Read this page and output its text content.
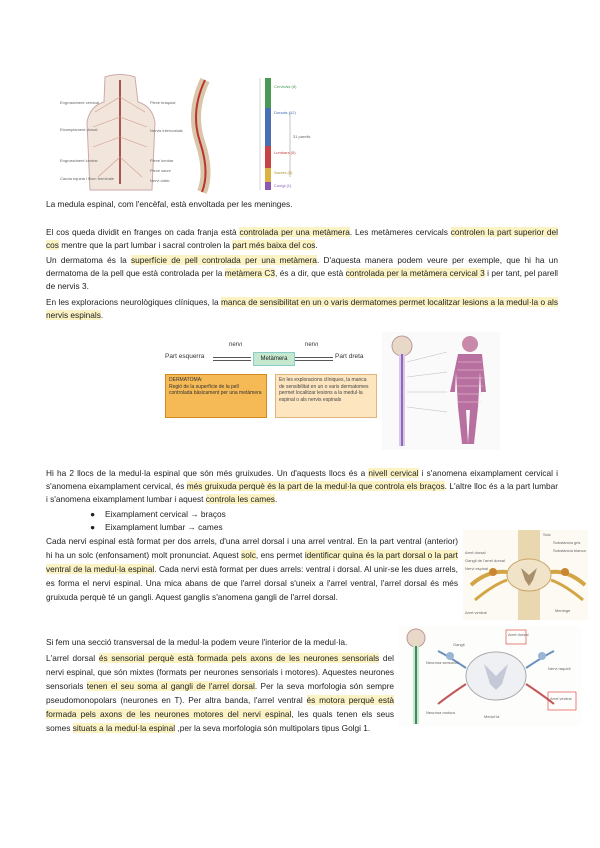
Engrossiment cervical
Eixamplament dorsal
Engrossiment lumbar
Cauda equina i filum terminale
Plexe braquial
Nervis intercostals
Plexe lumbar
Plexe sacre
Nervi ciàtic
Cervicals (8)
Dorsals (12)
Lumbars (5)
Sacres (5)
Coxígi (1)
31 parells
La medula espinal, com l'encèfal, està envoltada per les meninges.
El cos queda dividit en franges on cada franja està controlada per una metàmera. Les metàmeres cervicals controlen la part superior del cos mentre que la part lumbar i sacral controlen la part més baixa del cos.
Un dermatoma és la superfície de pell controlada per una metàmera. D'aquesta manera podem veure per exemple, que hi ha un dermatoma de la pell que està controlada per la metàmera C3, és a dir, que està controlada per la metàmera cervical 3 i per tant, pel parell de nervis 3.
En les exploracions neurològiques clíniques, la manca de sensibilitat en un o varis dermatomes permet localitzar lesions a la medul·la o als nervis espinals.
Part esquerra
nervi
Metàmera
nervi
Part dreta
DERMATOMA:
Regió de la superfície de la pell controlada bàsicament per una metàmera
En les exploracions clíniques, la manca de sensibilitat en un o varis dermatomes permet localitzar lesions a la medul·la espinal o als nervis espinals
Hi ha 2 llocs de la medul·la espinal que són més gruixudes. Un d'aquests llocs és a nivell cervical i s'anomena eixamplament cervical i s'anomena eixamplament cervical, és més gruixuda perquè és la part de la medul·la que controla els braços. L'altre lloc és a la part lumbar i s'anomena eixamplament lumbar i aquest controla les cames.
● Eixamplament cervical → braços
● Eixamplament lumbar → cames
Cada nervi espinal està format per dos arrels, d'una arrel dorsal i una arrel ventral. En la part ventral (anterior) hi ha un solc (enfonsament) molt pronunciat. Aquest solc, ens permet identificar quina és la part dorsal o la part ventral de la medul·la espinal. Cada nervi està format per dues arrels: ventral i dorsal. Al unir-se les dues arrels, es forma el nervi espinal. Una mica abans de que l'arrel dorsal s'uneix a l'arrel ventral, l'arrel dorsal és més gruixuda perquè té un gangli. Aquest ganglis s'anomena gangli de l'arrel dorsal.
Arrel dorsal
Gangli de l'arrel dorsal
Nervi espinal
Arrel ventral
Solc
Substància gris
Substància blanca
Meninge
Si fem una secció transversal de la medul·la podem veure l'interior de la medul·la.
L'arrel dorsal és sensorial perquè està formada pels axons de les neurones sensorials del nervi espinal, que són mixtes (formats per neurones sensorials i motores). Aquestes neurones sensorials tenen el seu soma al gangli de l'arrel dorsal. Per la seva morfologia són sempre pseudomonopolars (neurones en T). Per altra banda, l'arrel ventral és motora perquè està formada pels axons de les neurones motores del nervi espinal, les quals tenen els seus somes situats a la medul·la espinal ,per la seva morfologia són multipolars tipus Golgi 1.
Arrel dorsal
Neurona sensorial
Neurona motora
Nervi raquidi
Arrel ventral
Gangli
Medul·la
